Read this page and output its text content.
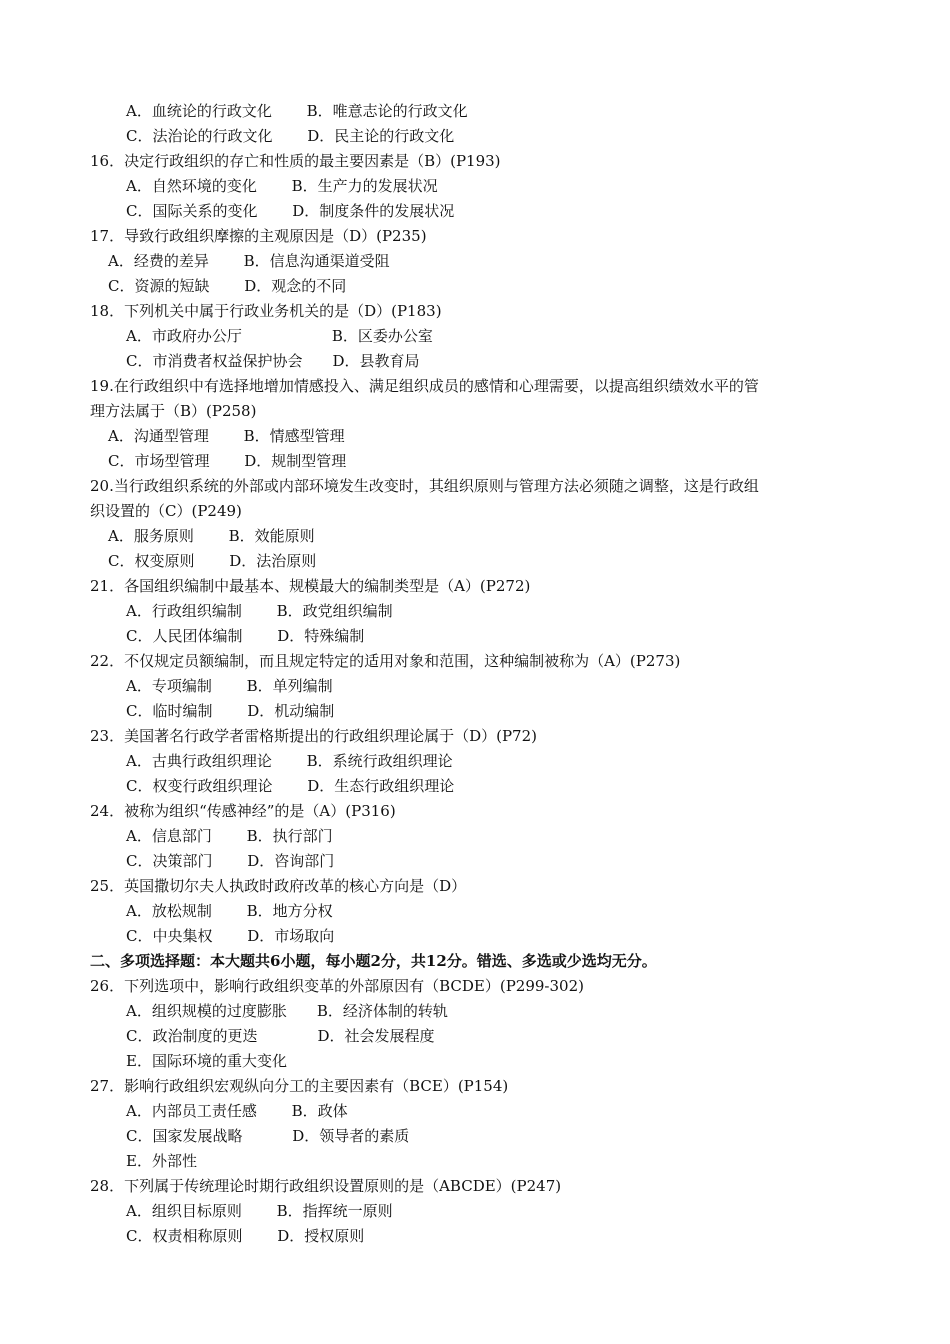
A．血统论的行政文化　　 B．唯意志论的行政文化
C．法治论的行政文化　　 D．民主论的行政文化
16．决定行政组织的存亡和性质的最主要因素是（B）(P193)
A．自然环境的变化　　 B．生产力的发展状况
C．国际关系的变化　　 D．制度条件的发展状况
17．导致行政组织摩擦的主观原因是（D）(P235)
A．经费的差异　　 B．信息沟通渠道受阻
C．资源的短缺　　 D．观念的不同
18．下列机关中属于行政业务机关的是（D）(P183)
A．市政府办公厅　　　　　　B．区委办公室
C．市消费者权益保护协会　　D．县教育局
19.在行政组织中有选择地增加情感投入、满足组织成员的感情和心理需要，以提高组织绩效水平的管
理方法属于（B）(P258)
A．沟通型管理　　 B．情感型管理
C．市场型管理　　 D．规制型管理
20.当行政组织系统的外部或内部环境发生改变时，其组织原则与管理方法必须随之调整，这是行政组
织设置的（C）(P249)
A．服务原则　　 B．效能原则
C．权变原则　　 D．法治原则
21．各国组织编制中最基本、规模最大的编制类型是（A）(P272)
A．行政组织编制　　 B．政党组织编制
C．人民团体编制　　 D．特殊编制
22．不仅规定员额编制，而且规定特定的适用对象和范围，这种编制被称为（A）(P273)
A．专项编制　　 B．单列编制
C．临时编制　　 D．机动编制
23．美国著名行政学者雷格斯提出的行政组织理论属于（D）(P72)
A．古典行政组织理论　　 B．系统行政组织理论
C．权变行政组织理论　　 D．生态行政组织理论
24．被称为组织“传感神经”的是（A）(P316)
A．信息部门　　 B．执行部门
C．决策部门　　 D．咨询部门
25．英国撒切尔夫人执政时政府改革的核心方向是（D）
A．放松规制　　 B．地方分权
C．中央集权　　 D．市场取向
二、多项选择题：本大题共6小题，每小题2分，共12分。错选、多选或少选均无分。
26．下列选项中，影响行政组织变革的外部原因有（BCDE）(P299-302)
A．组织规模的过度膨胀　　B．经济体制的转轨
C．政治制度的更迭　　　　D．社会发展程度
E．国际环境的重大变化
27．影响行政组织宏观纵向分工的主要因素有（BCE）(P154)
A．内部员工责任感　　 B．政体
C．国家发展战略　　　 D．领导者的素质
E．外部性
28．下列属于传统理论时期行政组织设置原则的是（ABCDE）(P247)
A．组织目标原则　　 B．指挥统一原则
C．权责相称原则　　 D．授权原则
